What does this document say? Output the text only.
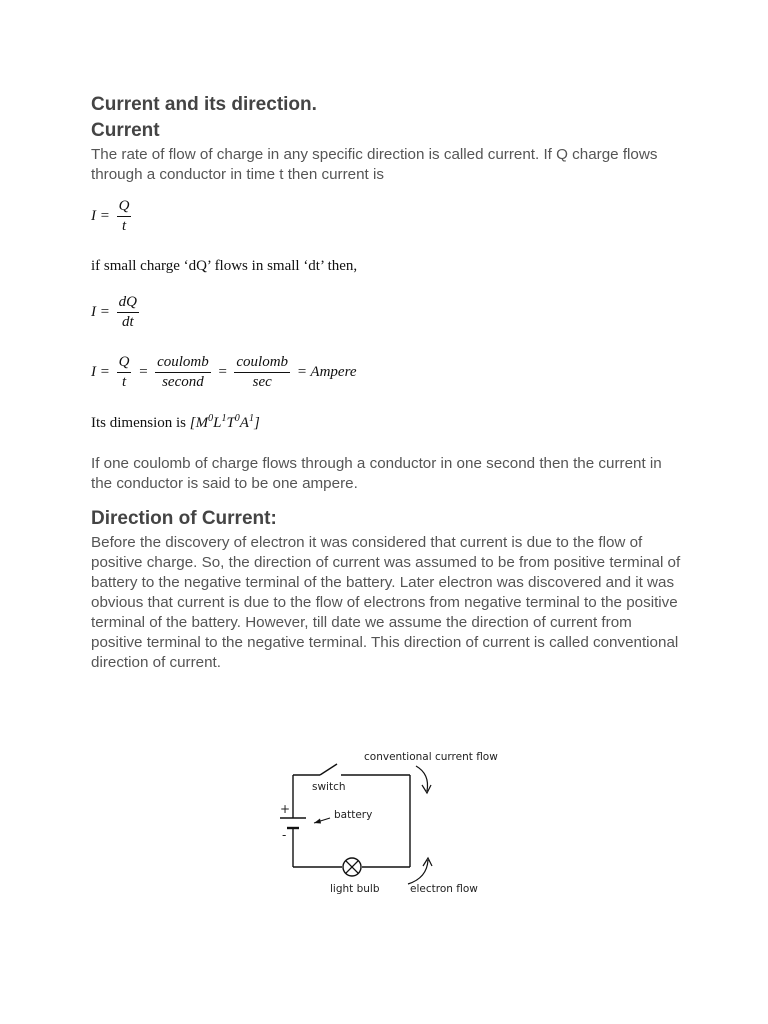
Current and its direction.
Current

The rate of flow of charge in any specific direction is called current. If Q charge flows through a conductor in time t then current is

$I = \frac{Q}{t}$
if small charge ‘dQ’ flows in small ‘dt’ then,
$I = \frac{dQ}{dt}$
$I = \frac{Q}{t} = \frac{\text{coulomb}}{\text{second}} = \frac{\text{coulomb}}{\sec}$ = Ampere
Its dimension is $[M^0L^1T^0A^1]$

If one coulomb of charge flows through a conductor in one second then the current in the conductor is said to be one ampere.

Direction of Current:

Before the discovery of electron it was considered that current is due to the flow of positive charge. So, the direction of current was assumed to be from positive terminal of battery to the negative terminal of the battery. Later electron was discovered and it was obvious that current is due to the flow of electrons from negative terminal to the positive terminal of the battery. However, till date we assume the direction of current from positive terminal to the negative terminal. This direction of current is called conventional direction of current.

conventional current flow
switch
battery
+
-
light bulb	electron flow
